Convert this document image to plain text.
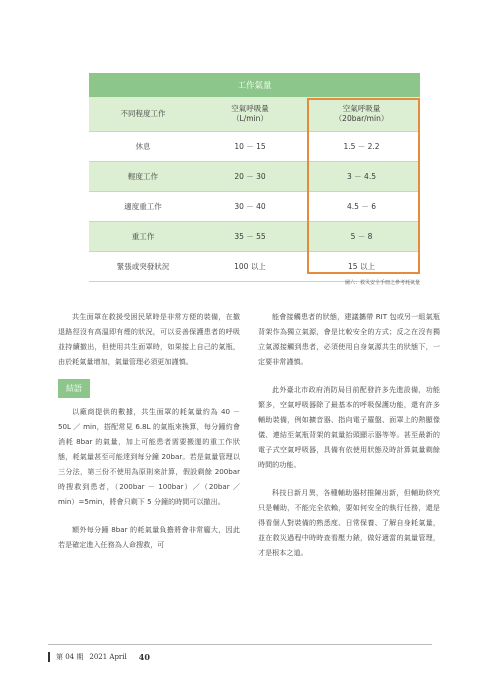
工作氣量
不同程度工作
空氣呼吸量
（L/min）
空氣呼吸量
（20bar/min）
休息	10 － 15	1.5 － 2.2
輕度工作	20 － 30	3 － 4.5
適度重工作	30 － 40	4.5 － 6
重工作	35 － 55	5 － 8
緊張或突發狀況	100 以上	15 以上
圖六：救災安全手冊之參考耗氣量

共生面罩在救援受困民眾時是非常方便的裝備，在撤退路徑沒有高溫即有煙的狀況，可以妥善保護患者的呼吸並持續撤出，但使用共生面罩時，如果接上自己的氣瓶，由於耗氣量增加，氣量管理必須更加謹慎。

結語

以廠商提供的數據，共生面罩的耗氣量約為 40 － 50L ／ min，搭配常見 6.8L 的氣瓶來換算，每分鐘約會消耗 8bar 的氣量，加上可能患者需要搬運的重工作狀態，耗氣量甚至可能達到每分鐘 20bar。若是氣量管理以三分法，第三份不使用為原則來計算，假設剩餘 200bar 時搜救到患者，（200bar － 100bar）／（20bar ／ min）=5min，將會只剩下 5 分鐘的時間可以撤出。

額外每分鐘 8bar 的耗氣量負擔將會非常龐大，因此若是確定進入任務為人命搜救，可

能會接觸患者的狀態，建議攜帶 RIT 包或另一組氣瓶背架作為獨立氣源，會是比較安全的方式；反之在沒有獨立氣源接觸到患者，必須使用自身氣源共生的狀態下，一定要非常謹慎。

此外臺北市政府消防局目前配發許多先進設備，功能繁多，空氣呼吸器除了最基本的呼吸保護功能，還有許多輔助裝備，例如擴音器、指向電子羅盤、面罩上的熱顯像儀、連結至氣瓶背架的氣量抬頭顯示器等等。甚至最新的電子式空氣呼吸器，具備有依使用狀態及時計算氣量剩餘時間的功能。

科技日新月異，各種輔助器材推陳出新，但輔助終究只是輔助，不能完全依賴，要如何安全的執行任務，還是得看個人對裝備的熟悉度、日常保養、了解自身耗氣量，並在救災過程中時時查看壓力錶，做好適當的氣量管理，才是根本之道。

第 04 期 2021 April 40
